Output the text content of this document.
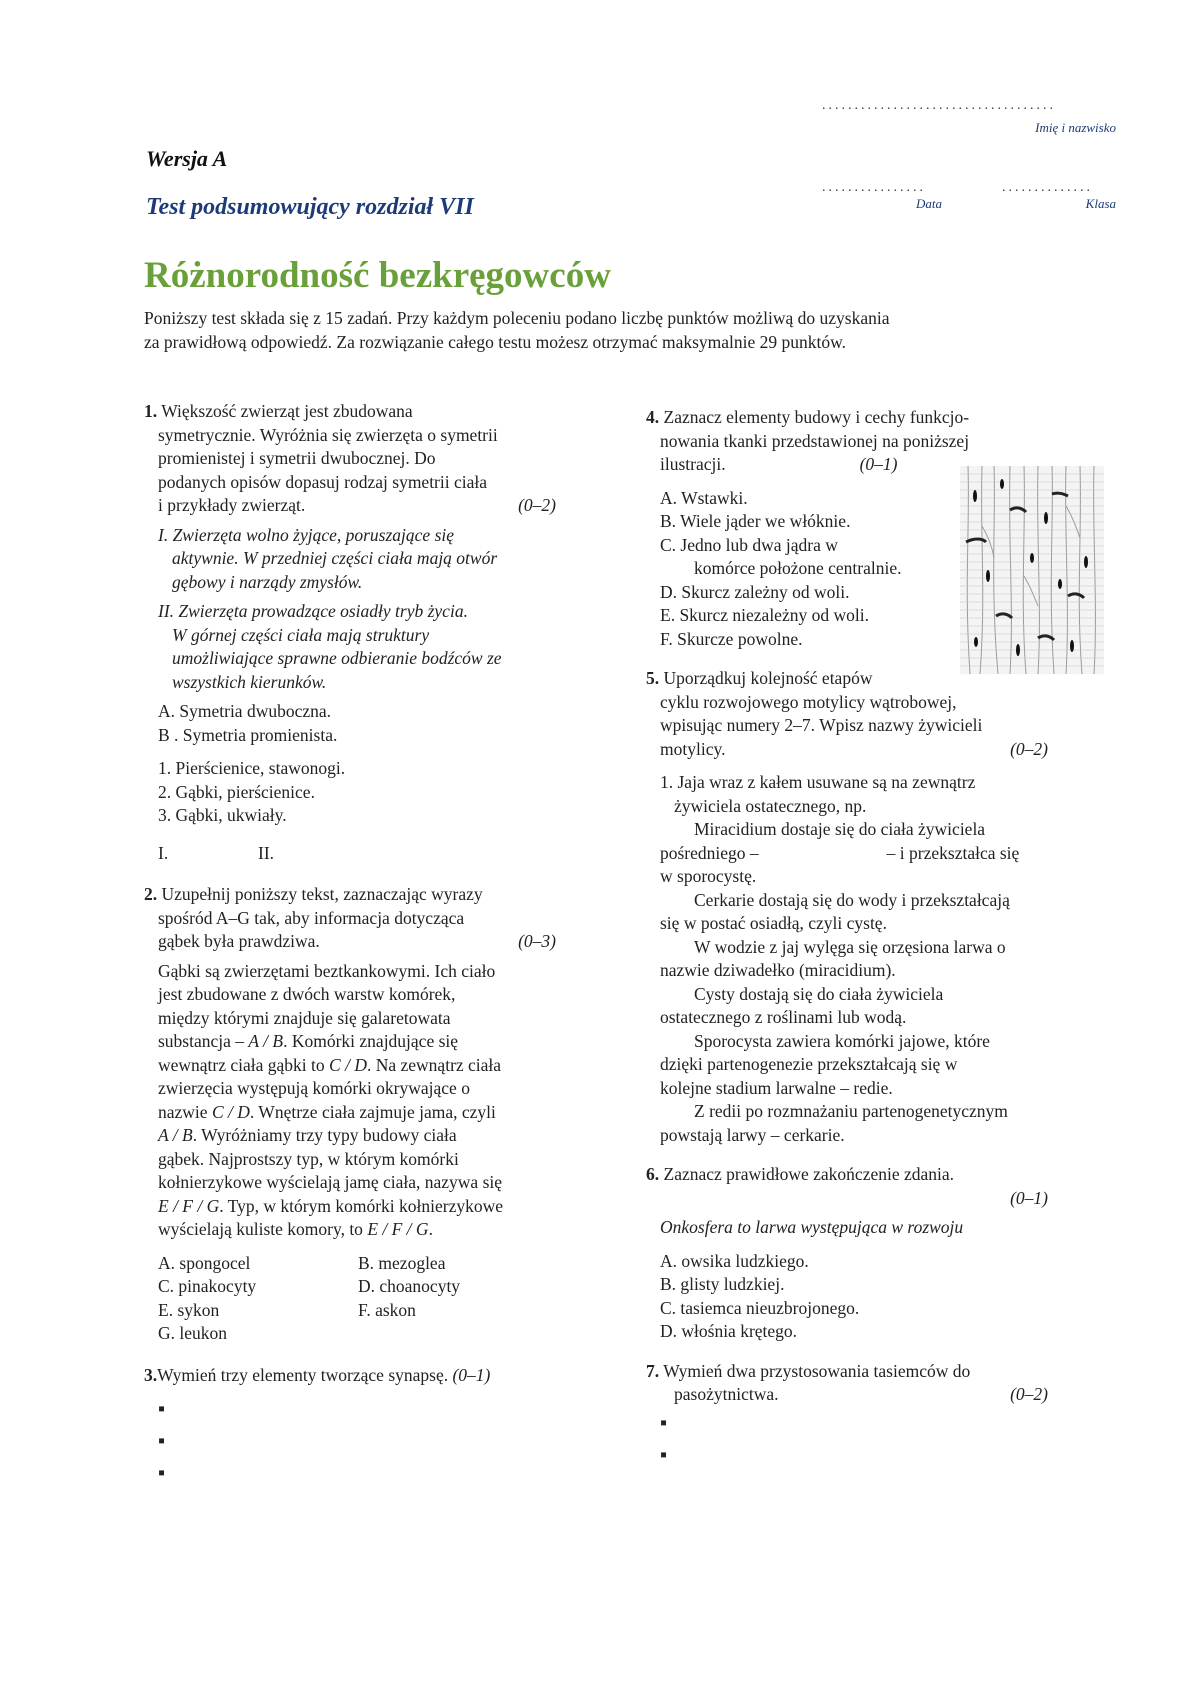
....................................
Imię i nazwisko
................
Data
..............
Klasa
Wersja A
Test podsumowujący rozdział VII
Różnorodność bezkręgowców
Poniższy test składa się z 15 zadań. Przy każdym poleceniu podano liczbę punktów możliwą do uzyskania
za prawidłową odpowiedź. Za rozwiązanie całego testu możesz otrzymać maksymalnie 29 punktów.
1. Większość zwierząt jest zbudowana
symetrycznie. Wyróżnia się zwierzęta o symetrii
promienistej i symetrii dwubocznej. Do
podanych opisów dopasuj rodzaj symetrii ciała
i przykłady zwierząt.	(0–2)
I. Zwierzęta wolno żyjące, poruszające się
aktywnie. W przedniej części ciała mają otwór
gębowy i narządy zmysłów.
II. Zwierzęta prowadzące osiadły tryb życia.
W górnej części ciała mają struktury
umożliwiające sprawne odbieranie bodźców ze
wszystkich kierunków.
A. Symetria dwuboczna.
B . Symetria promienista.
1. Pierścienice, stawonogi.
2. Gąbki, pierścienice.
3. Gąbki, ukwiały.
I.	II.
2. Uzupełnij poniższy tekst, zaznaczając wyrazy
spośród A–G tak, aby informacja dotycząca
gąbek była prawdziwa.	(0–3)
Gąbki są zwierzętami beztkankowymi. Ich ciało
jest zbudowane z dwóch warstw komórek,
między którymi znajduje się galaretowata
substancja – A / B. Komórki znajdujące się
wewnątrz ciała gąbki to C / D. Na zewnątrz ciała
zwierzęcia występują komórki okrywające o
nazwie C / D. Wnętrze ciała zajmuje jama, czyli
A / B. Wyróżniamy trzy typy budowy ciała
gąbek. Najprostszy typ, w którym komórki
kołnierzykowe wyścielają jamę ciała, nazywa się
E / F / G. Typ, w którym komórki kołnierzykowe
wyścielają kuliste komory, to E / F / G.
A. spongocel	B. mezoglea
C. pinakocyty	D. choanocyty
E. sykon	F. askon
G. leukon
3.Wymień trzy elementy tworzące synapsę. (0–1)
▪
▪
▪
4. Zaznacz elementy budowy i cechy funkcjo-
nowania tkanki przedstawionej na poniższej
ilustracji.	(0–1)
A. Wstawki.
B. Wiele jąder we włóknie.
C. Jedno lub dwa jądra w
komórce położone centralnie.
D. Skurcz zależny od woli.
E. Skurcz niezależny od woli.
F. Skurcze powolne.
5. Uporządkuj kolejność etapów
cyklu rozwojowego motylicy wątrobowej,
wpisując numery 2–7. Wpisz nazwy żywicieli
motylicy.	(0–2)
1. Jaja wraz z kałem usuwane są na zewnątrz
żywiciela ostatecznego, np.
Miracidium dostaje się do ciała żywiciela
pośredniego –	– i przekształca się
w sporocystę.
Cerkarie dostają się do wody i przekształcają
się w postać osiadłą, czyli cystę.
W wodzie z jaj wylęga się orzęsiona larwa o
nazwie dziwadełko (miracidium).
Cysty dostają się do ciała żywiciela
ostatecznego z roślinami lub wodą.
Sporocysta zawiera komórki jajowe, które
dzięki partenogenezie przekształcają się w
kolejne stadium larwalne – redie.
Z redii po rozmnażaniu partenogenetycznym
powstają larwy – cerkarie.
6. Zaznacz prawidłowe zakończenie zdania.
(0–1)
Onkosfera to larwa występująca w rozwoju
A. owsika ludzkiego.
B. glisty ludzkiej.
C. tasiemca nieuzbrojonego.
D. włośnia krętego.
7. Wymień dwa przystosowania tasiemców do
pasożytnictwa.	(0–2)
▪
▪
